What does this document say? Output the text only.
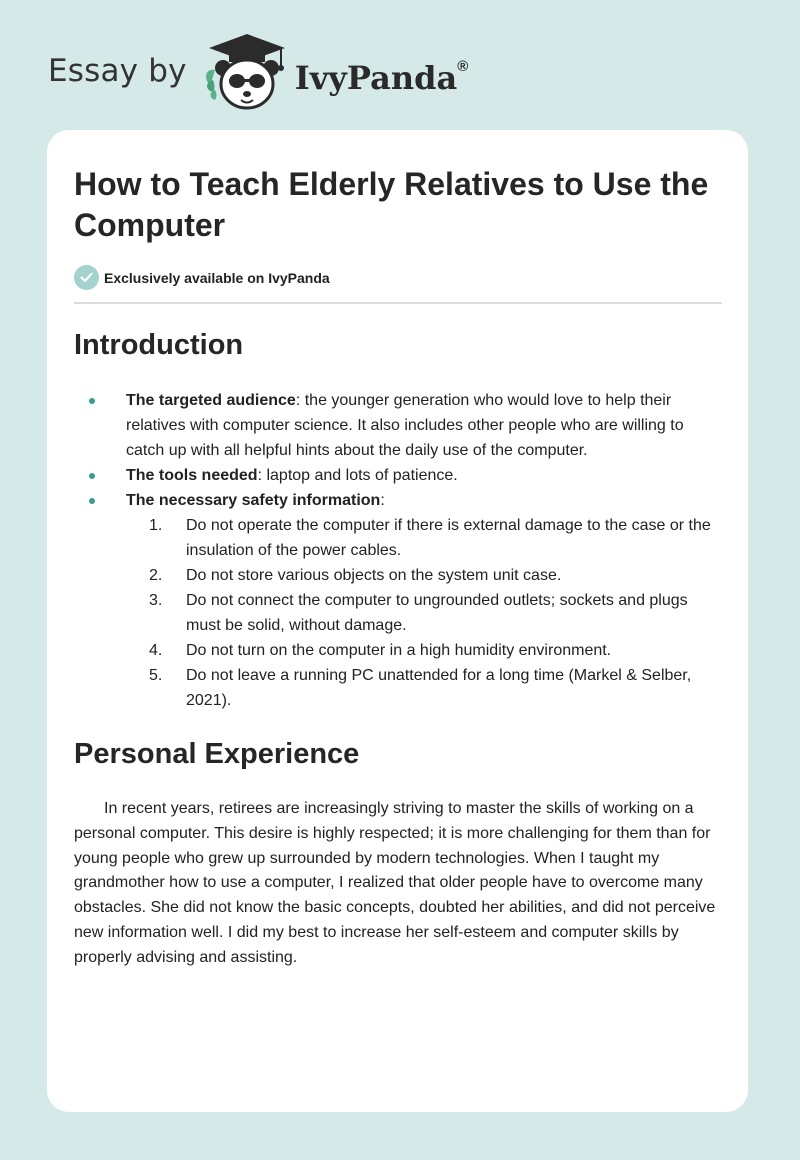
Essay by	IvyPanda®
How to Teach Elderly Relatives to Use the Computer
Exclusively available on IvyPanda
Introduction
The targeted audience: the younger generation who would love to help their relatives with computer science. It also includes other people who are willing to catch up with all helpful hints about the daily use of the computer.
The tools needed: laptop and lots of patience.
The necessary safety information:
1. Do not operate the computer if there is external damage to the case or the insulation of the power cables.
2. Do not store various objects on the system unit case.
3. Do not connect the computer to ungrounded outlets; sockets and plugs must be solid, without damage.
4. Do not turn on the computer in a high humidity environment.
5. Do not leave a running PC unattended for a long time (Markel & Selber, 2021).
Personal Experience

In recent years, retirees are increasingly striving to master the skills of working on a personal computer. This desire is highly respected; it is more challenging for them than for young people who grew up surrounded by modern technologies. When I taught my grandmother how to use a computer, I realized that older people have to overcome many obstacles. She did not know the basic concepts, doubted her abilities, and did not perceive new information well. I did my best to increase her self-esteem and computer skills by properly advising and assisting.
